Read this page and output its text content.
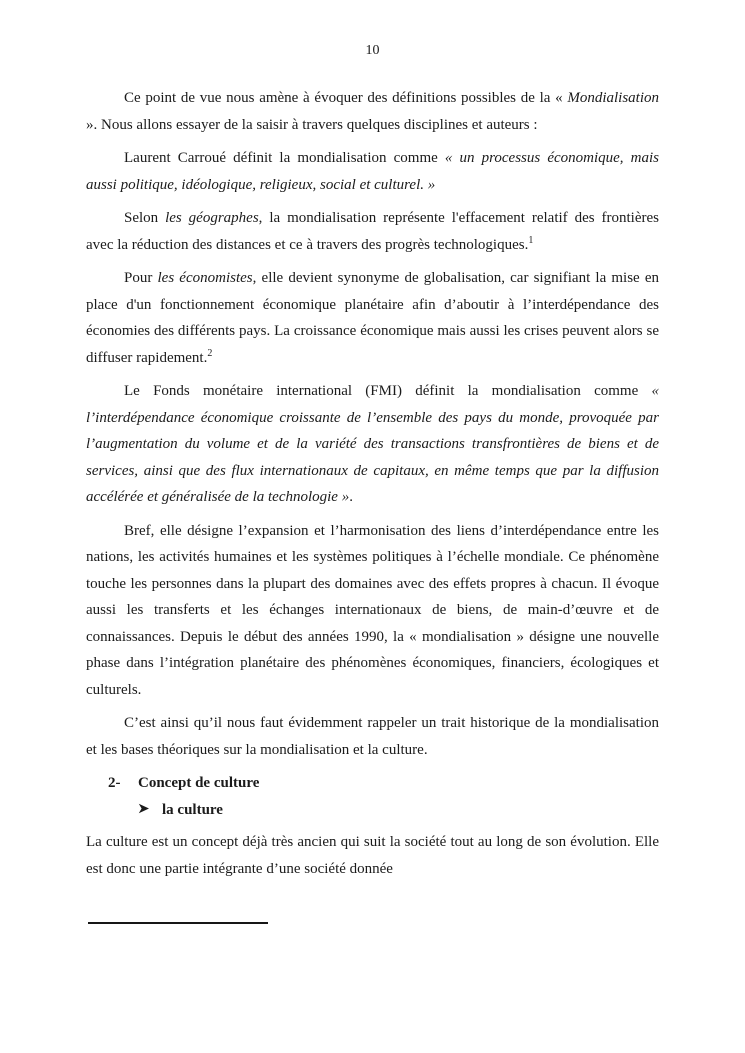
10

Ce point de vue nous amène à évoquer des définitions possibles de la « Mondialisation ». Nous allons essayer de la saisir à travers quelques disciplines et auteurs :

Laurent Carroué définit la mondialisation comme « un processus économique, mais aussi politique, idéologique, religieux, social et culturel. »

Selon les géographes, la mondialisation représente l'effacement relatif des frontières avec la réduction des distances et ce à travers des progrès technologiques.$^1$

Pour les économistes, elle devient synonyme de globalisation, car signifiant la mise en place d'un fonctionnement économique planétaire afin d’aboutir à l’interdépendance des économies des différents pays. La croissance économique mais aussi les crises peuvent alors se diffuser rapidement.$^2$

Le Fonds monétaire international (FMI) définit la mondialisation comme « l’interdépendance économique croissante de l’ensemble des pays du monde, provoquée par l’augmentation du volume et de la variété des transactions transfrontières de biens et de services, ainsi que des flux internationaux de capitaux, en même temps que par la diffusion accélérée et généralisée de la technologie ».

Bref, elle désigne l’expansion et l’harmonisation des liens d’interdépendance entre les nations, les activités humaines et les systèmes politiques à l’échelle mondiale. Ce phénomène touche les personnes dans la plupart des domaines avec des effets propres à chacun. Il évoque aussi les transferts et les échanges internationaux de biens, de main-d’œuvre et de connaissances. Depuis le début des années 1990, la « mondialisation » désigne une nouvelle phase dans l’intégration planétaire des phénomènes économiques, financiers, écologiques et culturels.

C’est ainsi qu’il nous faut évidemment rappeler un trait historique de la mondialisation et les bases théoriques sur la mondialisation et la culture.

2-	Concept de culture
la culture

La culture est un concept déjà très ancien qui suit la société tout au long de son évolution. Elle est donc une partie intégrante d’une société donnée
